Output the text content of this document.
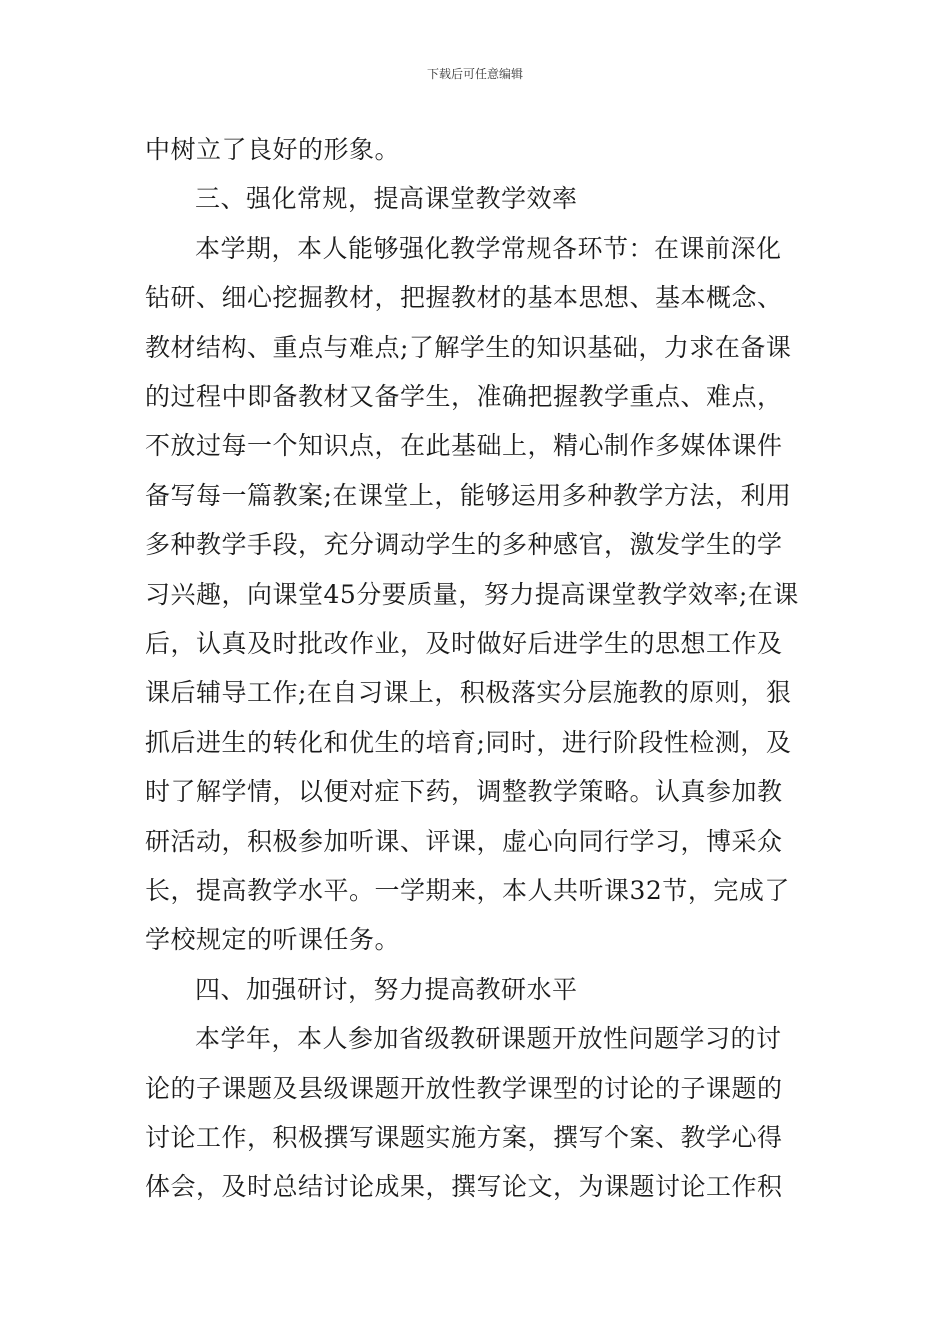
下载后可任意编辑
中树立了良好的形象。
三、强化常规，提高课堂教学效率
本学期，本人能够强化教学常规各环节：在课前深化
钻研、细心挖掘教材，把握教材的基本思想、基本概念、
教材结构、重点与难点;了解学生的知识基础，力求在备课
的过程中即备教材又备学生，准确把握教学重点、难点，
不放过每一个知识点，在此基础上，精心制作多媒体课件
备写每一篇教案;在课堂上，能够运用多种教学方法，利用
多种教学手段，充分调动学生的多种感官，激发学生的学
习兴趣，向课堂45分要质量，努力提高课堂教学效率;在课
后，认真及时批改作业，及时做好后进学生的思想工作及
课后辅导工作;在自习课上，积极落实分层施教的原则，狠
抓后进生的转化和优生的培育;同时，进行阶段性检测，及
时了解学情，以便对症下药，调整教学策略。认真参加教
研活动，积极参加听课、评课，虚心向同行学习，博采众
长，提高教学水平。一学期来，本人共听课32节，完成了
学校规定的听课任务。
四、加强研讨，努力提高教研水平
本学年，本人参加省级教研课题开放性问题学习的讨
论的子课题及县级课题开放性教学课型的讨论的子课题的
讨论工作，积极撰写课题实施方案，撰写个案、教学心得
体会，及时总结讨论成果，撰写论文，为课题讨论工作积
